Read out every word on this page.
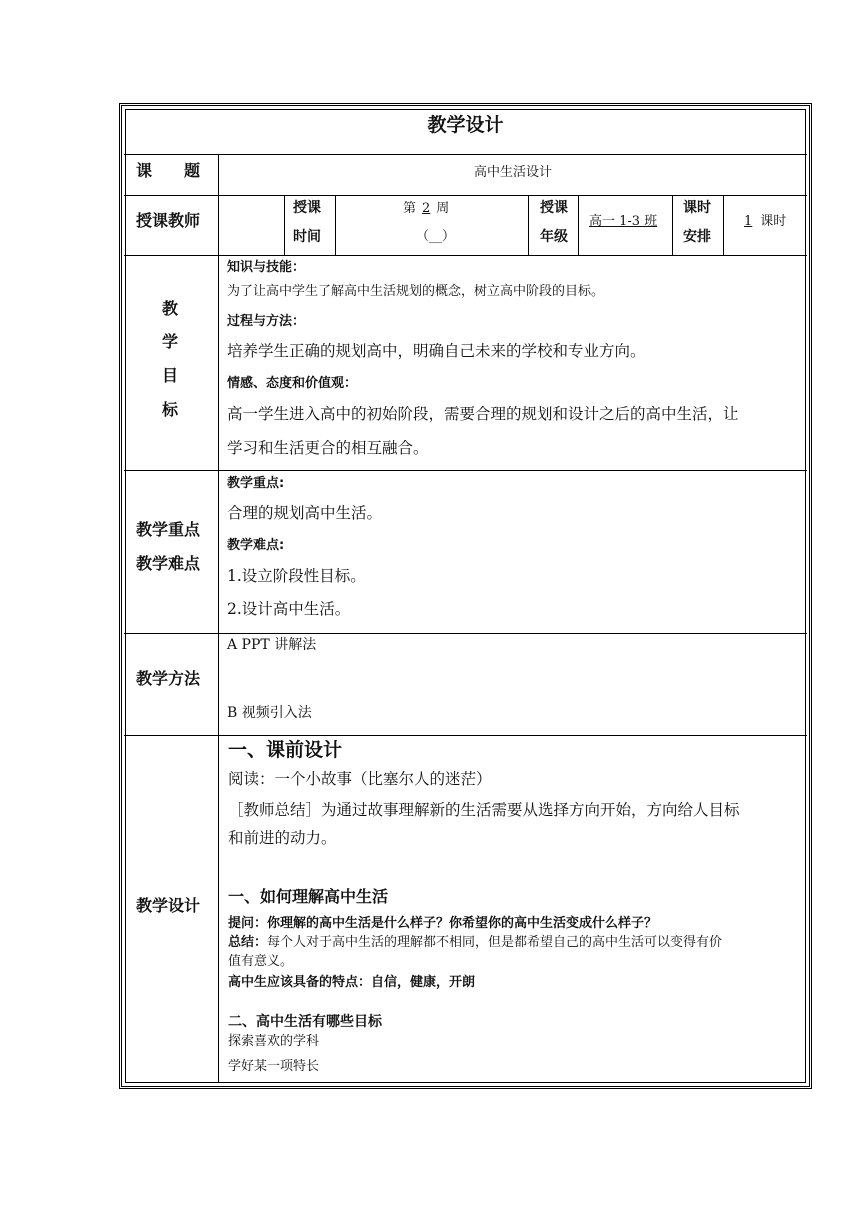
教学设计
课　　题	高中生活设计
授课教师
授课
时间
第 2 周
（__）
授课
年级
高一 1-3 班
课时
安排
1 课时
教
学
目
标
知识与技能：
为了让高中学生了解高中生活规划的概念，树立高中阶段的目标。
过程与方法：
培养学生正确的规划高中，明确自己未来的学校和专业方向。
情感、态度和价值观：
高一学生进入高中的初始阶段，需要合理的规划和设计之后的高中生活，让
学习和生活更合的相互融合。
教学重点
教学难点
教学重点:
合理的规划高中生活。
教学难点:
1.设立阶段性目标。
2.设计高中生活。
教学方法
A PPT 讲解法
B 视频引入法
教学设计
一、课前设计
阅读：一个小故事（比塞尔人的迷茫）
［教师总结］为通过故事理解新的生活需要从选择方向开始，方向给人目标
和前进的动力。
一、如何理解高中生活
提问：你理解的高中生活是什么样子？你希望你的高中生活变成什么样子？
总结：每个人对于高中生活的理解都不相同，但是都希望自己的高中生活可以变得有价
值有意义。
高中生应该具备的特点：自信，健康，开朗
二、高中生活有哪些目标
探索喜欢的学科
学好某一项特长
